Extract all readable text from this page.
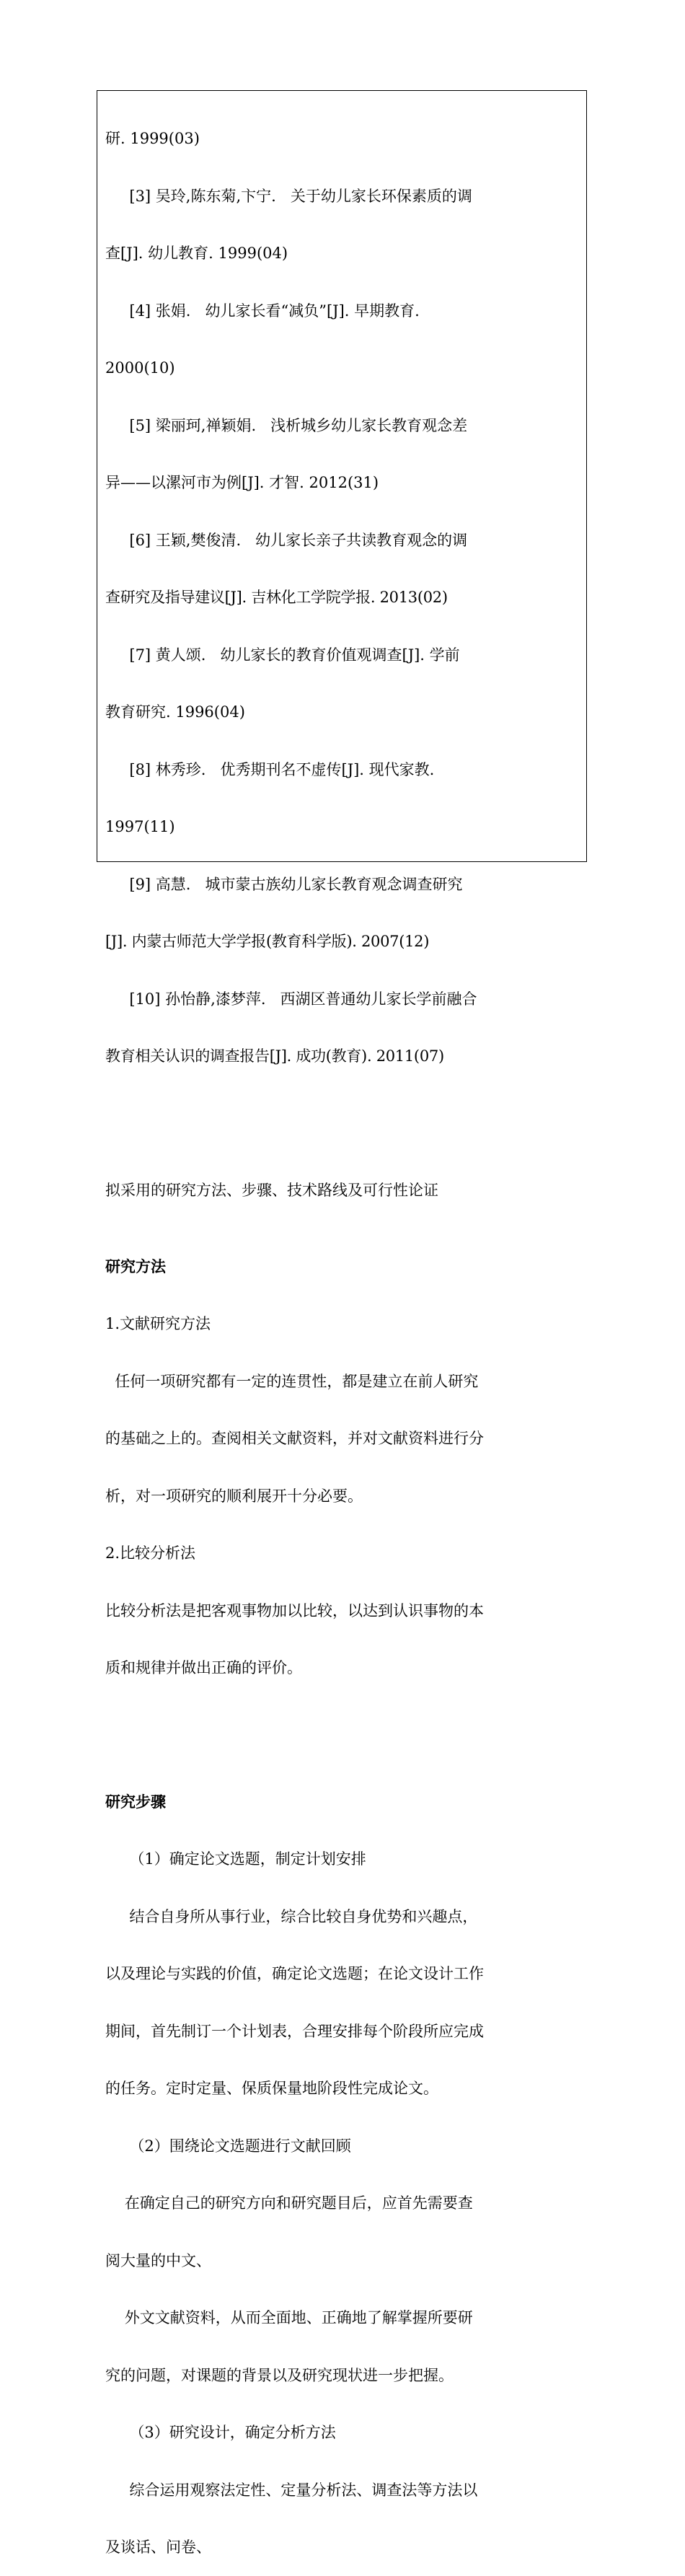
研. 1999(03)

[3] 吴玲,陈东菊,卞宁.   关于幼儿家长环保素质的调

查[J]. 幼儿教育. 1999(04)

[4] 张娟.   幼儿家长看“减负”[J]. 早期教育.

2000(10)

[5] 梁丽珂,禅颖娟.   浅析城乡幼儿家长教育观念差

异——以漯河市为例[J]. 才智. 2012(31)

[6] 王颖,樊俊清.   幼儿家长亲子共读教育观念的调

查研究及指导建议[J]. 吉林化工学院学报. 2013(02)

[7] 黄人颂.   幼儿家长的教育价值观调查[J]. 学前

教育研究. 1996(04)

[8] 林秀珍.   优秀期刊名不虚传[J]. 现代家教.

1997(11)

[9] 高慧.   城市蒙古族幼儿家长教育观念调查研究

[J]. 内蒙古师范大学学报(教育科学版). 2007(12)

[10] 孙怡静,漆梦萍.   西湖区普通幼儿家长学前融合

教育相关认识的调查报告[J]. 成功(教育). 2011(07)

拟采用的研究方法、步骤、技术路线及可行性论证

研究方法

1.文献研究方法

任何一项研究都有一定的连贯性，都是建立在前人研究

的基础之上的。查阅相关文献资料，并对文献资料进行分

析，对一项研究的顺利展开十分必要。

2.比较分析法

比较分析法是把客观事物加以比较，以达到认识事物的本

质和规律并做出正确的评价。

研究步骤

（1）确定论文选题，制定计划安排

结合自身所从事行业，综合比较自身优势和兴趣点，

以及理论与实践的价值，确定论文选题；在论文设计工作

期间，首先制订一个计划表，合理安排每个阶段所应完成

的任务。定时定量、保质保量地阶段性完成论文。

（2）围绕论文选题进行文献回顾

在确定自己的研究方向和研究题目后，应首先需要查

阅大量的中文、

外文文献资料，从而全面地、正确地了解掌握所要研

究的问题，对课题的背景以及研究现状进一步把握。

（3）研究设计，确定分析方法

综合运用观察法定性、定量分析法、调查法等方法以

及谈话、问卷、
